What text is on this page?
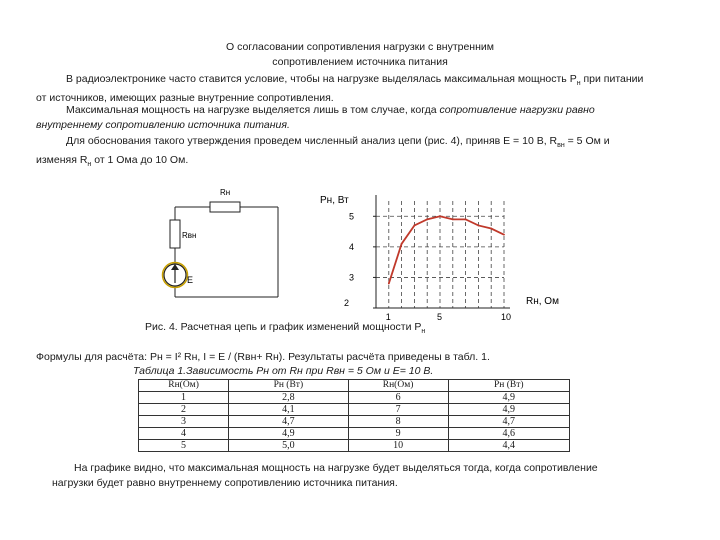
О согласовании сопротивления нагрузки с внутренним
сопротивлением источника питания
В радиоэлектронике часто ставится условие, чтобы на нагрузке выделялась максимальная мощность $Р_н$ при питании
от источников, имеющих разные внутренние сопротивления.
Максимальная мощность на нагрузке выделяется лишь в том случае, когда сопротивление нагрузки равно
внутреннему сопротивлению источника питания.
Для обоснования такого утверждения проведем численный анализ цепи (рис. 4), приняв Е = 10 В, $R_{вн} = 5$ Ом и
изменяя $R_н$ от 1 Ома до 10 Ом.
Rн
Rвн
E
2
3
4
5
1	5	10
Pн, Вт
Rн, Ом
Рис. 4. Расчетная цепь и график изменений мощности $Р_н$
Формулы для расчёта: Рн = I² Rн, I = E / (Rвн+ Rн). Результаты расчёта приведены в табл. 1.
Таблица 1.Зависимость Рн от Rн при Rвн = 5 Ом и E= 10 В.
Rн(Ом)	Pн (Вт)	Rн(Ом)	Pн (Вт)
1	2,8	6	4,9
2	4,1	7	4,9
3	4,7	8	4,7
4	4,9	9	4,6
5	5,0	10	4,4
На графике видно, что максимальная мощность на нагрузке будет выделяться тогда, когда сопротивление
нагрузки будет равно внутреннему сопротивлению источника питания.
